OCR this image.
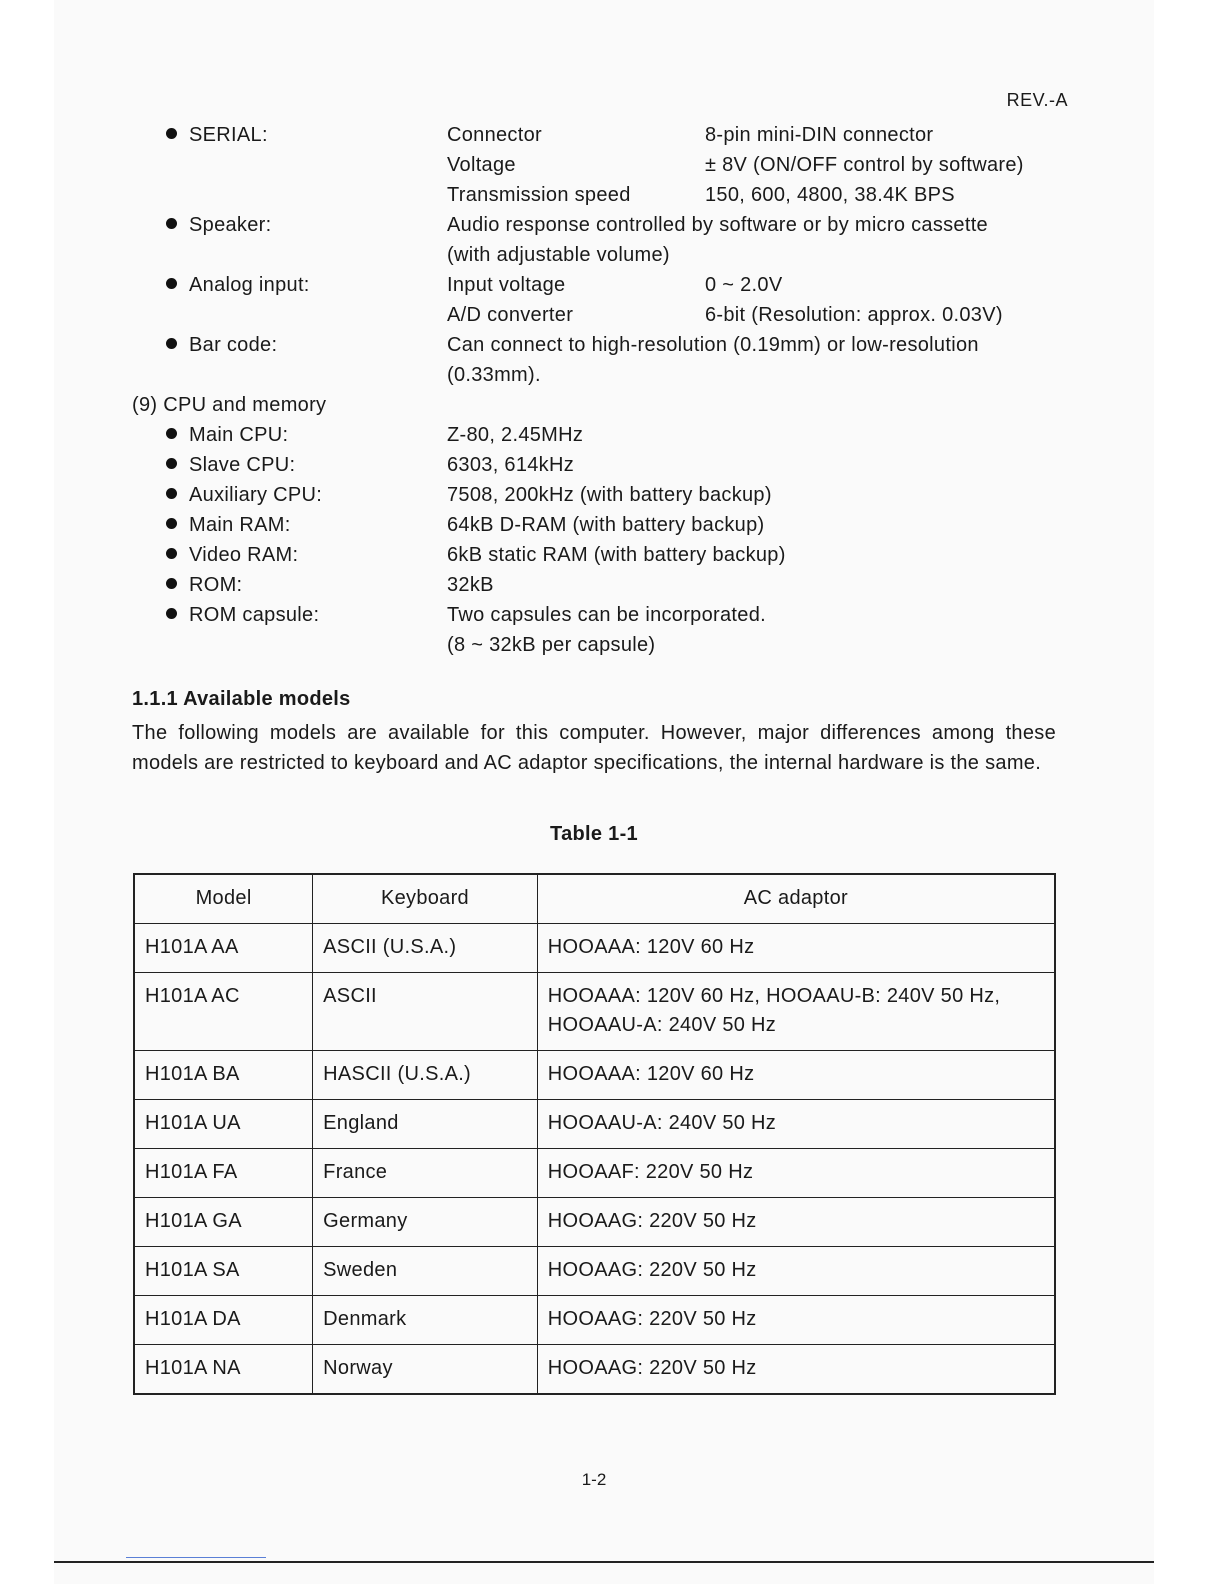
REV.-A
SERIAL:	Connector	8-pin mini-DIN connector
Voltage	± 8V (ON/OFF control by software)
Transmission speed	150, 600, 4800, 38.4K BPS
Speaker:	Audio response controlled by software or by micro cassette
(with adjustable volume)
Analog input:	Input voltage	0 ~ 2.0V
A/D converter	6-bit (Resolution: approx. 0.03V)
Bar code:	Can connect to high-resolution (0.19mm) or low-resolution
(0.33mm).
(9) CPU and memory
Main CPU:	Z-80, 2.45MHz
Slave CPU:	6303, 614kHz
Auxiliary CPU:	7508, 200kHz (with battery backup)
Main RAM:	64kB D-RAM (with battery backup)
Video RAM:	6kB static RAM (with battery backup)
ROM:	32kB
ROM capsule:	Two capsules can be incorporated.
(8 ~ 32kB per capsule)
1.1.1 Available models

The following models are available for this computer. However, major differences among these models are restricted to keyboard and AC adaptor specifications, the internal hardware is the same.

Table 1-1
Model	Keyboard	AC adaptor
H101A AA	ASCII (U.S.A.)	HOOAAA: 120V 60 Hz

H101A AC	ASCII	HOOAAA: 120V 60 Hz, HOOAAU-B: 240V 50 Hz,
HOOAAU-A: 240V 50 Hz

H101A BA	HASCII (U.S.A.)	HOOAAA: 120V 60 Hz

H101A UA	England	HOOAAU-A: 240V 50 Hz

H101A FA	France	HOOAAF: 220V 50 Hz

H101A GA	Germany	HOOAAG: 220V 50 Hz

H101A SA	Sweden	HOOAAG: 220V 50 Hz

H101A DA	Denmark	HOOAAG: 220V 50 Hz

H101A NA	Norway	HOOAAG: 220V 50 Hz
1-2
